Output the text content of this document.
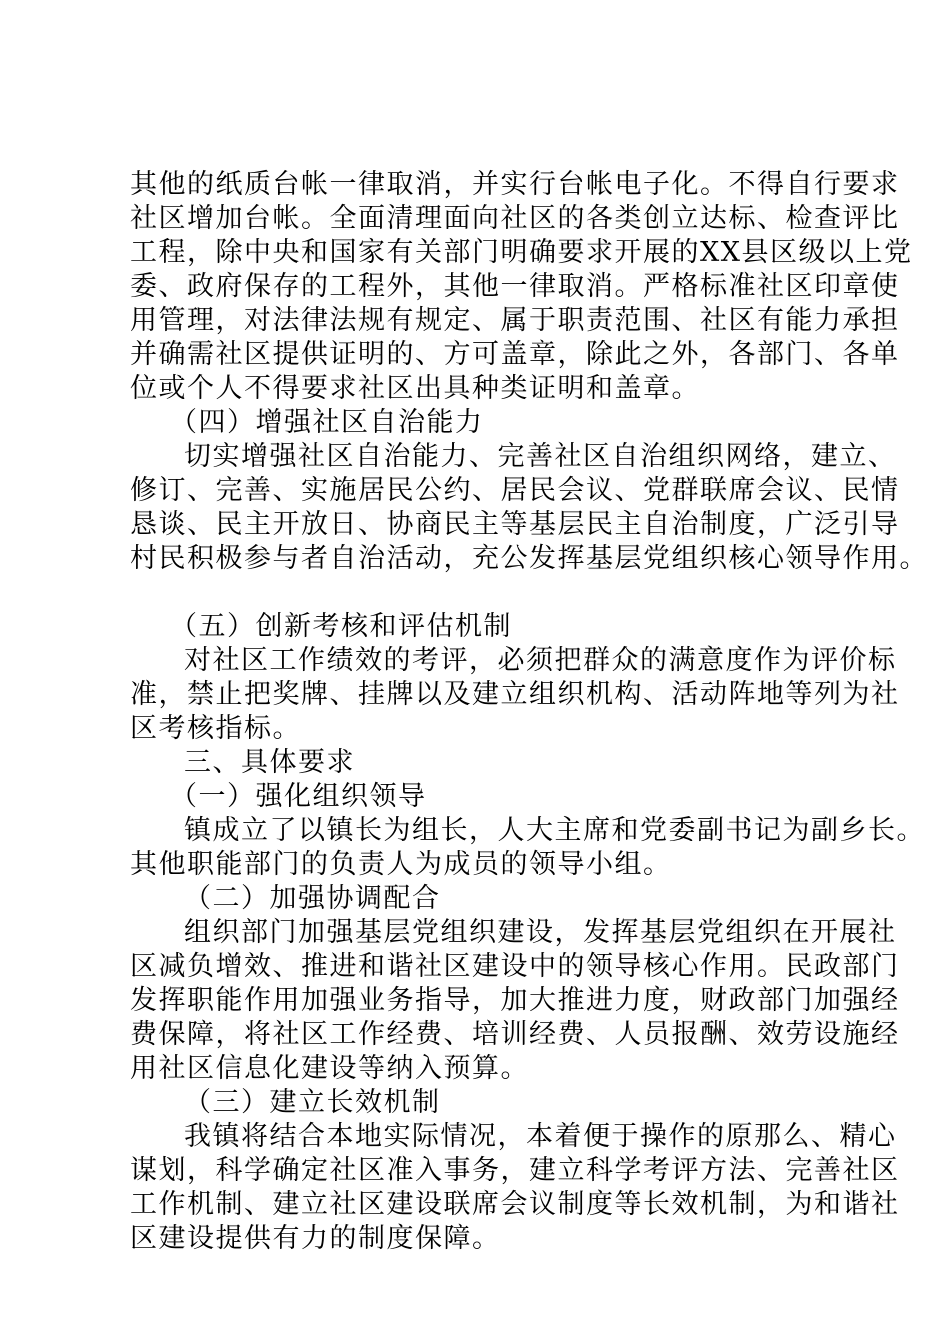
其他的纸质台帐一律取消，并实行台帐电子化。不得自行要求
社区增加台帐。全面清理面向社区的各类创立达标、检查评比
工程，除中央和国家有关部门明确要求开展的XX县区级以上党
委、政府保存的工程外，其他一律取消。严格标准社区印章使
用管理，对法律法规有规定、属于职责范围、社区有能力承担
并确需社区提供证明的、方可盖章，除此之外，各部门、各单
位或个人不得要求社区出具种类证明和盖章。
（四）增强社区自治能力
切实增强社区自治能力、完善社区自治组织网络，建立、
修订、完善、实施居民公约、居民会议、党群联席会议、民情
恳谈、民主开放日、协商民主等基层民主自治制度，广泛引导
村民积极参与者自治活动，充公发挥基层党组织核心领导作用。
（五）创新考核和评估机制
对社区工作绩效的考评，必须把群众的满意度作为评价标
准，禁止把奖牌、挂牌以及建立组织机构、活动阵地等列为社
区考核指标。
三、具体要求
（一）强化组织领导
镇成立了以镇长为组长，人大主席和党委副书记为副乡长。
其他职能部门的负责人为成员的领导小组。
（二）加强协调配合
组织部门加强基层党组织建设，发挥基层党组织在开展社
区减负增效、推进和谐社区建设中的领导核心作用。民政部门
发挥职能作用加强业务指导，加大推进力度，财政部门加强经
费保障，将社区工作经费、培训经费、人员报酬、效劳设施经
用社区信息化建设等纳入预算。
（三）建立长效机制
我镇将结合本地实际情况，本着便于操作的原那么、精心
谋划，科学确定社区准入事务，建立科学考评方法、完善社区
工作机制、建立社区建设联席会议制度等长效机制，为和谐社
区建设提供有力的制度保障。
